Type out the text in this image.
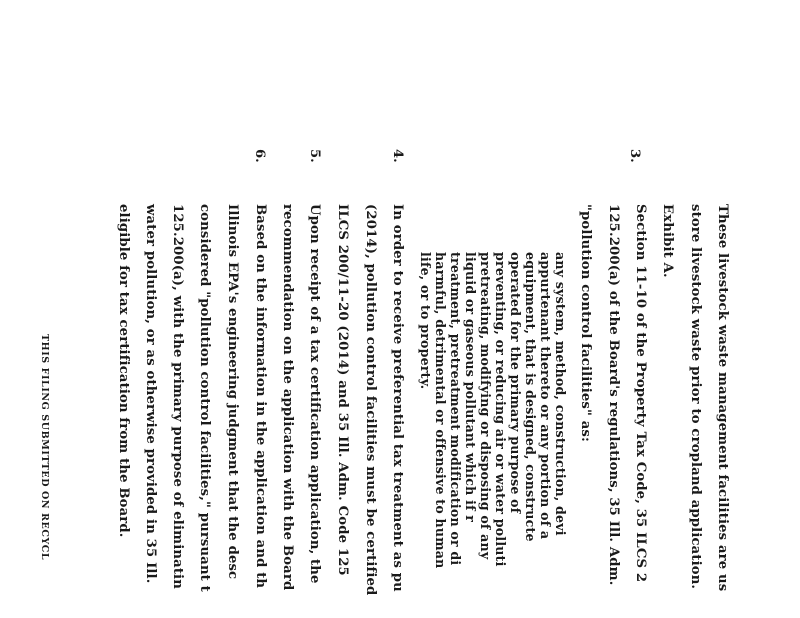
These livestock waste management facilities are us
store livestock waste prior to cropland application.
Exhibit A.
3.
Section 11-10 of the Property Tax Code, 35 ILCS 2
125.200(a) of the Board's regulations, 35 Ill. Adm.
"pollution control facilities" as:
any system, method, construction, devi
appurtenant thereto or any portion of a
equipment, that is designed, constructe
operated for the primary purpose of
preventing, or reducing air or water polluti
pretreating, modifying or disposing of any
liquid or gaseous pollutant which if r
treatment, pretreatment modification or di
harmful, detrimental or offensive to human
life, or to property.
4.
In order to receive preferential tax treatment as pu
(2014), pollution control facilities must be certified
ILCS 200/11-20 (2014) and 35 Ill. Adm. Code 125
5.
Upon receipt of a tax certification application, the
recommendation on the application with the Board
6.
Based on the information in the application and th
Illinois EPA's engineering judgment that the desc
considered "pollution control facilities," pursuant t
125.200(a), with the primary purpose of eliminatin
water pollution, or as otherwise provided in 35 Ill.
eligible for tax certification from the Board.
THIS FILING SUBMITTED ON RECYCL
